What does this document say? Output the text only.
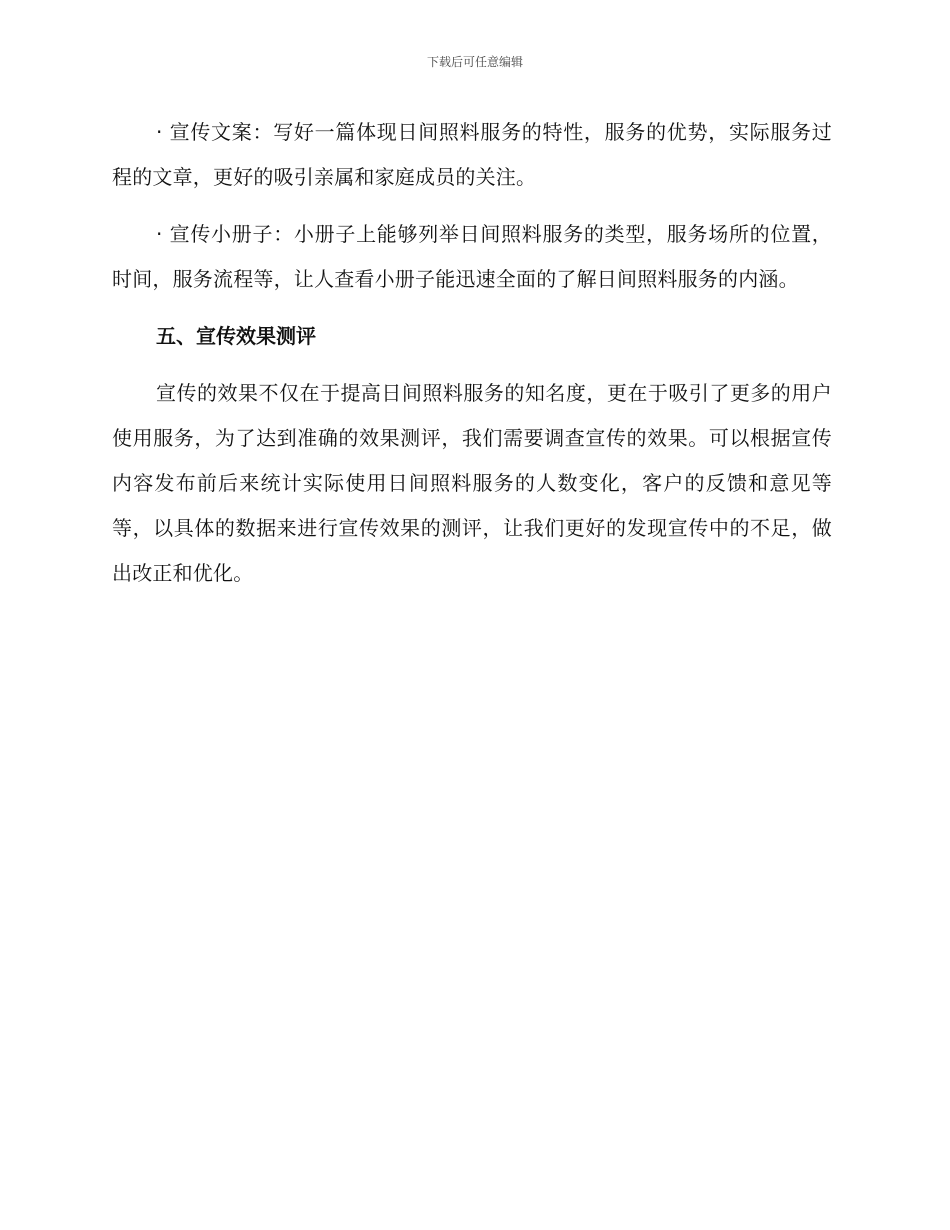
下载后可任意编辑

· 宣传文案：写好一篇体现日间照料服务的特性，服务的优势，实际服务过程的文章，更好的吸引亲属和家庭成员的关注。

· 宣传小册子：小册子上能够列举日间照料服务的类型，服务场所的位置，时间，服务流程等，让人查看小册子能迅速全面的了解日间照料服务的内涵。

五、宣传效果测评

宣传的效果不仅在于提高日间照料服务的知名度，更在于吸引了更多的用户使用服务，为了达到准确的效果测评，我们需要调查宣传的效果。可以根据宣传内容发布前后来统计实际使用日间照料服务的人数变化，客户的反馈和意见等等，以具体的数据来进行宣传效果的测评，让我们更好的发现宣传中的不足，做出改正和优化。
